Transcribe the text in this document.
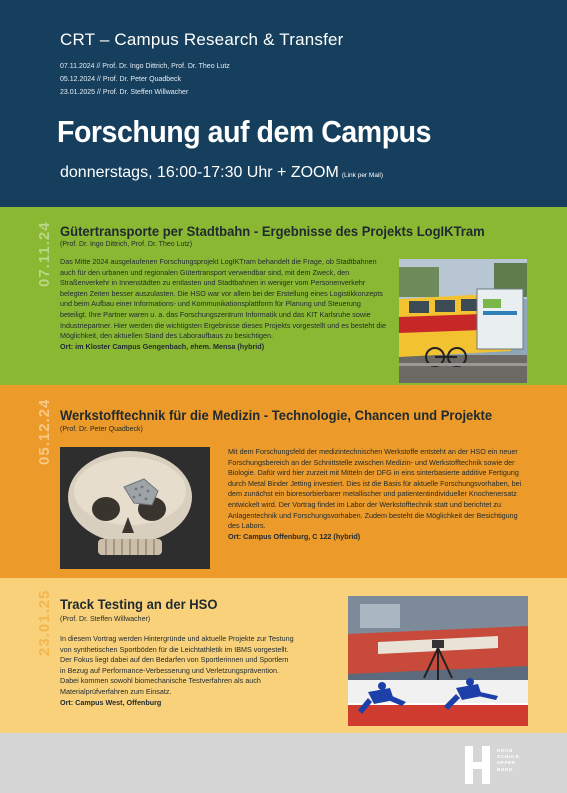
CRT – Campus Research & Transfer
07.11.2024 // Prof. Dr. Ingo Dittrich, Prof. Dr. Theo Lutz
05.12.2024 // Prof. Dr. Peter Quadbeck
23.01.2025 // Prof. Dr. Steffen Willwacher
Forschung auf dem Campus
donnerstags, 16:00-17:30 Uhr + ZOOM (Link per Mail)
07.11.24 Gütertransporte per Stadtbahn - Ergebnisse des Projekts LogIKTram
(Prof. Dr. Ingo Dittrich, Prof. Dr. Theo Lutz)
Das Mitte 2024 ausgelaufenen Forschungsprojekt LogIKTram behandelt die Frage, ob Stadtbahnen auch für den urbanen und regionalen Gütertransport verwendbar sind, mit dem Zweck, den Straßenverkehr in Innenstädten zu entlasten und Stadtbahnen in weniger vom Personenverkehr belegten Zeiten besser auszulasten. Die HSO war vor allem bei der Erstellung eines Logistikkonzepts und beim Aufbau einer Informations- und Kommunikationsplattform für Planung und Steuerung beteiligt. Ihre Partner waren u. a. das Forschungszentrum Informatik und das KIT Karlsruhe sowie Industriepartner. Hier werden die wichtigsten Ergebnisse dieses Projekts vorgestellt und es besteht die Möglichkeit, den aktuellen Stand des Laboraufbaus zu besichtigen.
Ort: im Kloster Campus Gengenbach, ehem. Mensa (hybrid)
05.12.24 Werkstofftechnik für die Medizin - Technologie, Chancen und Projekte
(Prof. Dr. Peter Quadbeck)
Mit dem Forschungsfeld der medizintechnischen Werkstoffe entsteht an der HSO ein neuer Forschungsbereich an der Schnittstelle zwischen Medizin- und Werkstofftechnik sowie der Biologie. Dafür wird hier zurzeit mit Mitteln der DFG in eins sinterbasierte additive Fertigung durch Metal Binder Jetting investiert. Dies ist die Basis für aktuelle Forschungsvorhaben, bei dem zunächst ein bioresorbierbarer metallischer und patiententindividueller Knochenersatz entwickelt wird. Der Vortrag findet im Labor der Werkstofftechnik statt und berichtet zu Anlagentechnik und Forschungsvorhaben. Zudem besteht die Möglichkeit der Besichtigung des Labors.
Ort: Campus Offenburg, C 122 (hybrid)
23.01.25 Track Testing an der HSO
(Prof. Dr. Steffen Willwacher)
In diesem Vortrag werden Hintergründe und aktuelle Projekte zur Testung von synthetischen Sportböden für die Leichtathletik im IBMS vorgestellt. Der Fokus liegt dabei auf den Bedarfen von Sportlerinnen und Sportlern in Bezug auf Performance-Verbesserung und Verletzungsprävention. Dabei kommen sowohl biomechanische Testverfahren als auch Materialprüfverfahren zum Einsatz.
Ort: Campus West, Offenburg
HOCH
SCHULE
OFFEN
BURG
